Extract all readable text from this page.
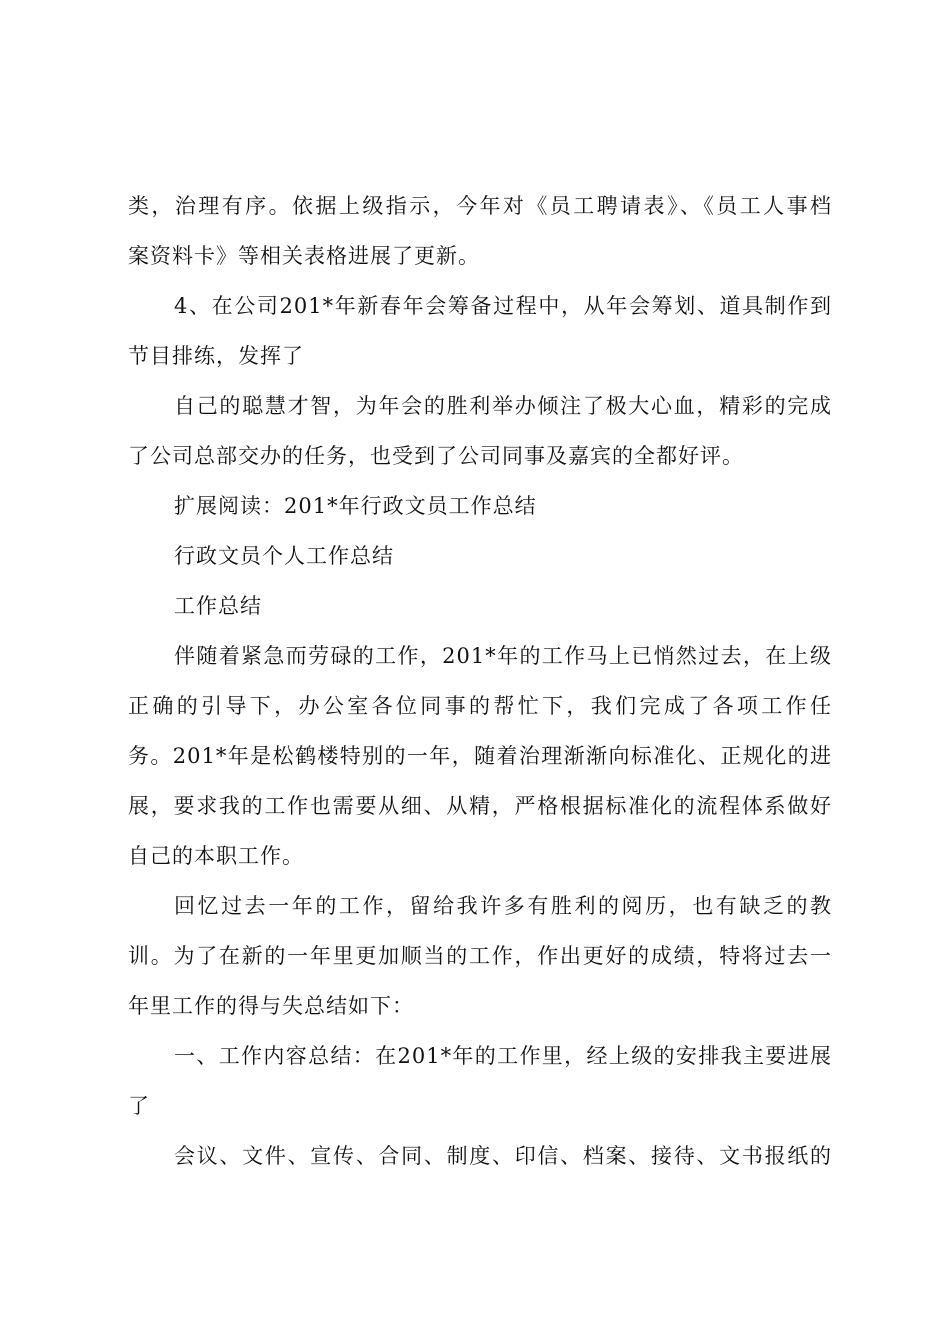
类，治理有序。依据上级指示，今年对《员工聘请表》、《员工人事档
案资料卡》等相关表格进展了更新。
4、在公司201*年新春年会筹备过程中，从年会筹划、道具制作到
节目排练，发挥了
自己的聪慧才智，为年会的胜利举办倾注了极大心血，精彩的完成
了公司总部交办的任务，也受到了公司同事及嘉宾的全都好评。
扩展阅读：201*年行政文员工作总结
行政文员个人工作总结
工作总结
伴随着紧急而劳碌的工作，201*年的工作马上已悄然过去，在上级
正确的引导下，办公室各位同事的帮忙下，我们完成了各项工作任
务。201*年是松鹤楼特别的一年，随着治理渐渐向标准化、正规化的进
展，要求我的工作也需要从细、从精，严格根据标准化的流程体系做好
自己的本职工作。
回忆过去一年的工作，留给我许多有胜利的阅历，也有缺乏的教
训。为了在新的一年里更加顺当的工作，作出更好的成绩，特将过去一
年里工作的得与失总结如下：
一、工作内容总结：在201*年的工作里，经上级的安排我主要进展
了
会议、文件、宣传、合同、制度、印信、档案、接待、文书报纸的
